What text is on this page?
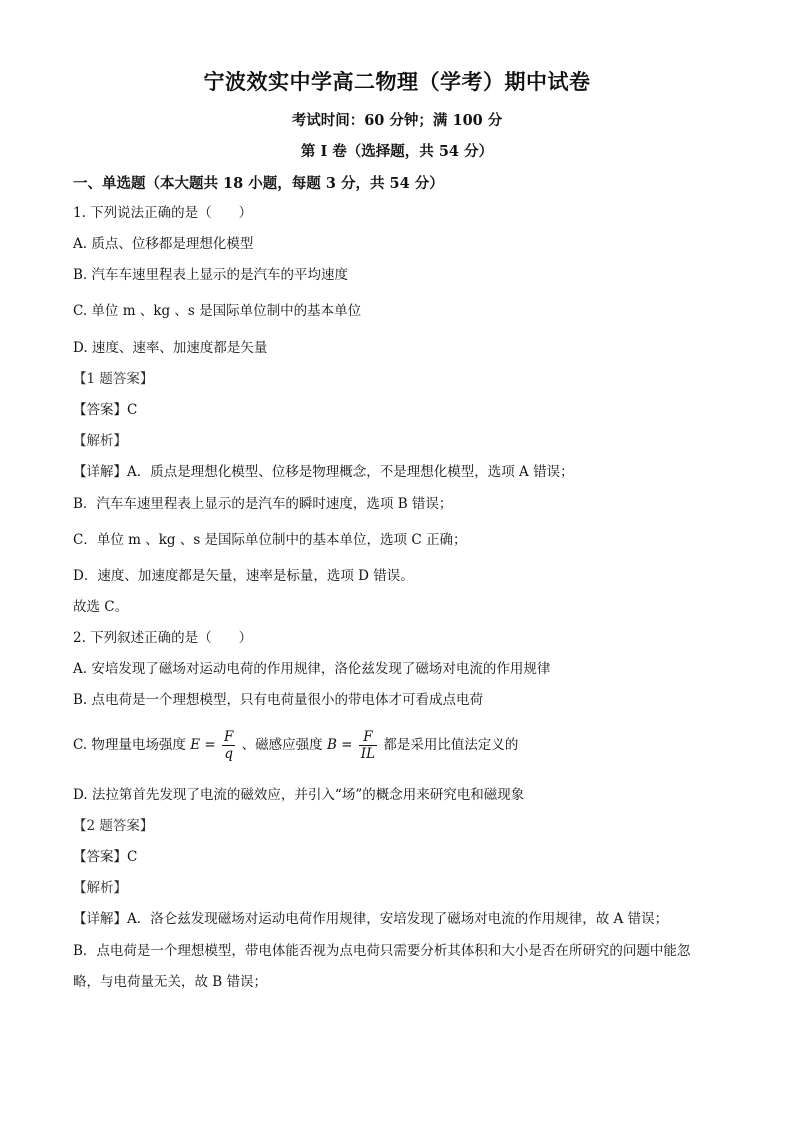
宁波效实中学高二物理（学考）期中试卷
考试时间：60 分钟；满 100 分
第 I 卷（选择题，共 54 分）
一、单选题（本大题共 18 小题，每题 3 分，共 54 分）
1. 下列说法正确的是（　　）
A. 质点、位移都是理想化模型
B. 汽车车速里程表上显示的是汽车的平均速度
C. 单位 m 、kg 、s 是国际单位制中的基本单位
D. 速度、速率、加速度都是矢量
【1 题答案】
【答案】C
【解析】
【详解】A．质点是理想化模型、位移是物理概念，不是理想化模型，选项 A 错误；
B．汽车车速里程表上显示的是汽车的瞬时速度，选项 B 错误；
C．单位 m 、kg 、s 是国际单位制中的基本单位，选项 C 正确；
D．速度、加速度都是矢量，速率是标量，选项 D 错误。
故选 C。
2. 下列叙述正确的是（　　）
A. 安培发现了磁场对运动电荷的作用规律，洛伦兹发现了磁场对电流的作用规律
B. 点电荷是一个理想模型，只有电荷量很小的带电体才可看成点电荷
C. 物理量电场强度 $E = \frac{F}{q}$ 、磁感应强度 $B = \frac{F}{IL}$ 都是采用比值法定义的
D. 法拉第首先发现了电流的磁效应，并引入“场”的概念用来研究电和磁现象
【2 题答案】
【答案】C
【解析】
【详解】A．洛仑兹发现磁场对运动电荷作用规律，安培发现了磁场对电流的作用规律，故 A 错误；
B．点电荷是一个理想模型，带电体能否视为点电荷只需要分析其体积和大小是否在所研究的问题中能忽
略，与电荷量无关，故 B 错误；
